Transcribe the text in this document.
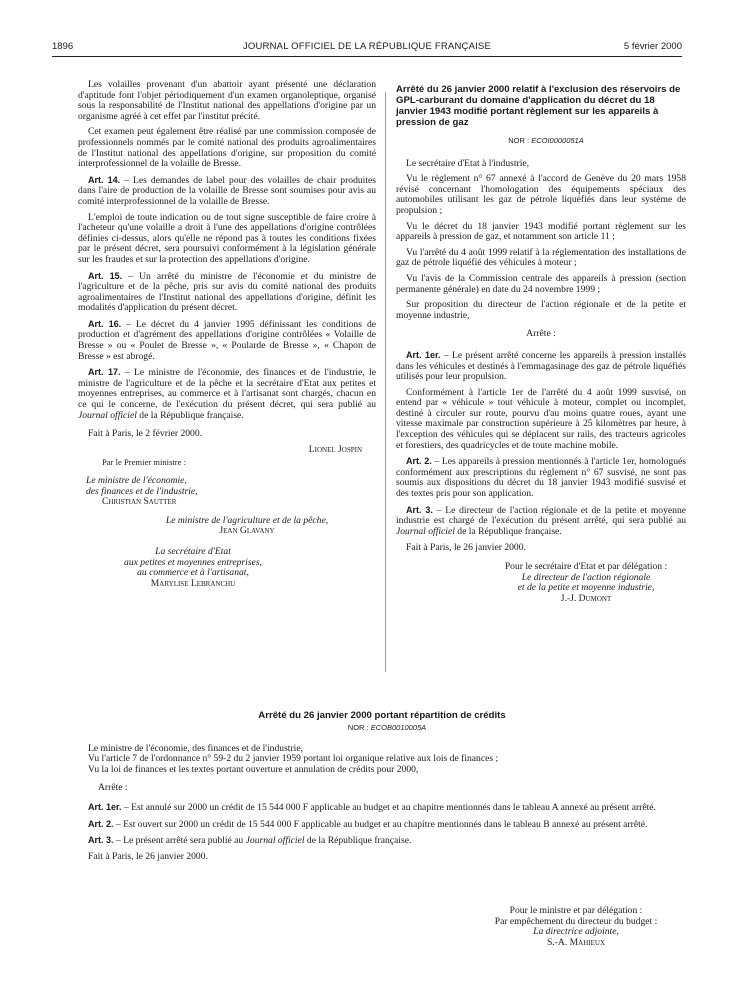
1896	JOURNAL OFFICIEL DE LA RÉPUBLIQUE FRANÇAISE	5 février 2000

Les volailles provenant d'un abattoir ayant présenté une déclaration d'aptitude font l'objet périodiquement d'un examen organoleptique, organisé sous la responsabilité de l'Institut national des appellations d'origine par un organisme agréé à cet effet par l'institut précité.

Cet examen peut également être réalisé par une commission composée de professionnels nommés par le comité national des produits agroalimentaires de l'Institut national des appellations d'origine, sur proposition du comité interprofessionnel de la volaille de Bresse.

Art. 14. – Les demandes de label pour des volailles de chair produites dans l'aire de production de la volaille de Bresse sont soumises pour avis au comité interprofessionnel de la volaille de Bresse.

L'emploi de toute indication ou de tout signe susceptible de faire croire à l'acheteur qu'une volaille a droit à l'une des appellations d'origine contrôlées définies ci-dessus, alors qu'elle ne répond pas à toutes les conditions fixées par le présent décret, sera poursuivi conformément à la législation générale sur les fraudes et sur la protection des appellations d'origine.

Art. 15. – Un arrêté du ministre de l'économie et du ministre de l'agriculture et de la pêche, pris sur avis du comité national des produits agroalimentaires de l'Institut national des appellations d'origine, définit les modalités d'application du présent décret.

Art. 16. – Le décret du 4 janvier 1995 définissant les conditions de production et d'agrément des appellations d'origine contrôlées « Volaille de Bresse » ou « Poulet de Bresse », « Poularde de Bresse », « Chapon de Bresse » est abrogé.

Art. 17. – Le ministre de l'économie, des finances et de l'industrie, le ministre de l'agriculture et de la pêche et la secrétaire d'Etat aux petites et moyennes entreprises, au commerce et à l'artisanat sont chargés, chacun en ce qui le concerne, de l'exécution du présent décret, qui sera publié au Journal officiel de la République française.

Fait à Paris, le 2 février 2000.

Lionel Jospin

Par le Premier ministre :

Le ministre de l'économie,

des finances et de l'industrie,

Christian Sautter

Le ministre de l'agriculture et de la pêche,

Jean Glavany

La secrétaire d'Etat

aux petites et moyennes entreprises,

au commerce et à l'artisanat,

Marylise Lebranchu

Arrêté du 26 janvier 2000 relatif à l'exclusion des réservoirs de GPL-carburant du domaine d'application du décret du 18 janvier 1943 modifié portant règlement sur les appareils à pression de gaz

NOR : ECOI0000051A

Le secrétaire d'Etat à l'industrie,

Vu le règlement n° 67 annexé à l'accord de Genève du 20 mars 1958 révisé concernant l'homologation des équipements spéciaux des automobiles utilisant les gaz de pétrole liquéfiés dans leur système de propulsion ;

Vu le décret du 18 janvier 1943 modifié portant règlement sur les appareils à pression de gaz, et notamment son article 11 ;

Vu l'arrêté du 4 août 1999 relatif à la réglementation des installations de gaz de pétrole liquéfié des véhicules à moteur ;

Vu l'avis de la Commission centrale des appareils à pression (section permanente générale) en date du 24 novembre 1999 ;

Sur proposition du directeur de l'action régionale et de la petite et moyenne industrie,

Arrête :

Art. 1er. – Le présent arrêté concerne les appareils à pression installés dans les véhicules et destinés à l'emmagasinage des gaz de pétrole liquéfiés utilisés pour leur propulsion.

Conformément à l'article 1er de l'arrêté du 4 août 1999 susvisé, on entend par « véhicule » tout véhicule à moteur, complet ou incomplet, destiné à circuler sur route, pourvu d'au moins quatre roues, ayant une vitesse maximale par construction supérieure à 25 kilomètres par heure, à l'exception des véhicules qui se déplacent sur rails, des tracteurs agricoles et forestiers, des quadricycles et de toute machine mobile.

Art. 2. – Les appareils à pression mentionnés à l'article 1er, homologués conformément aux prescriptions du règlement n° 67 susvisé, ne sont pas soumis aux dispositions du décret du 18 janvier 1943 modifié susvisé et des textes pris pour son application.

Art. 3. – Le directeur de l'action régionale et de la petite et moyenne industrie est chargé de l'exécution du présent arrêté, qui sera publié au Journal officiel de la République française.

Fait à Paris, le 26 janvier 2000.

Pour le secrétaire d'Etat et par délégation :

Le directeur de l'action régionale

et de la petite et moyenne industrie,

J.-J. Dumont

Arrêté du 26 janvier 2000 portant répartition de crédits

NOR : ECOB0010005A

Le ministre de l'économie, des finances et de l'industrie,

Vu l'article 7 de l'ordonnance n° 59-2 du 2 janvier 1959 portant loi organique relative aux lois de finances ;

Vu la loi de finances et les textes portant ouverture et annulation de crédits pour 2000,

Arrête :

Art. 1er. – Est annulé sur 2000 un crédit de 15 544 000 F applicable au budget et au chapitre mentionnés dans le tableau A annexé au présent arrêté.

Art. 2. – Est ouvert sur 2000 un crédit de 15 544 000 F applicable au budget et au chapitre mentionnés dans le tableau B annexé au présent arrêté.

Art. 3. – Le présent arrêté sera publié au Journal officiel de la République française.

Fait à Paris, le 26 janvier 2000.

Pour le ministre et par délégation :

Par empêchement du directeur du budget :

La directrice adjointe,

S.-A. Mahieux
